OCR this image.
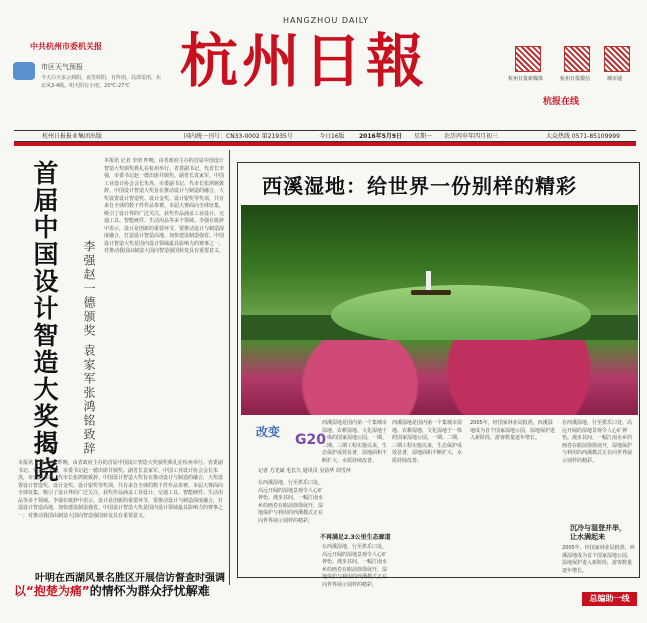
HANGZHOU DAILY
杭州日報
中共杭州市委机关报
市区天气预报
今天白天多云到阴，夜里转阴，有阵雨，局部雷雨，东北风3-4级。明天阴有小雨，20℃-27℃
杭州日报新媒体	杭州日报微信	城市通
杭报在线
杭州日报报业集团出版	国内统一刊号：CN33-0002 第21935号	今日16版 2016年5月9日 星期一 农历丙申年四月初三	大众热线 0571-85109999
首届中国设计智造大奖揭晓	李强赵一德颁奖 袁家军张鸿铭致辞
本报讯 记者 李靖 昨晚，由省政府主办的首届中国设计智造大奖颁奖典礼在杭州举行。省委副书记、代省长李强，市委书记赵一德出席并颁奖。副省长袁家军，中国工业设计协会会长朱焘，市委副书记、代市长张鸿铭致辞。中国设计智造大奖旨在推动设计与制造的融合，大奖设置设计智造奖、设计金奖、设计银奖等奖项，共有来自全球的数千件作品参赛。本届大赛面向全球征集，吸引了设计界的广泛关注，获奖作品涵盖工业设计、交通工具、智能硬件、生活用品等多个领域。李强在致辞中表示，设计是创新的重要环节，要推动设计与制造深度融合，打造设计智造高地，加快建设制造强省。中国设计智造大奖是国内设计领域最具影响力的赛事之一，对推动我国由制造大国向智造强国转变具有重要意义。
本报讯 记者 李靖 昨晚，由省政府主办的首届中国设计智造大奖颁奖典礼在杭州举行。省委副书记、代省长李强，市委书记赵一德出席并颁奖。副省长袁家军，中国工业设计协会会长朱焘，市委副书记、代市长张鸿铭致辞。中国设计智造大奖旨在推动设计与制造的融合，大奖设置设计智造奖、设计金奖、设计银奖等奖项，共有来自全球的数千件作品参赛。本届大赛面向全球征集，吸引了设计界的广泛关注，获奖作品涵盖工业设计、交通工具、智能硬件、生活用品等多个领域。李强在致辞中表示，设计是创新的重要环节，要推动设计与制造深度融合，打造设计智造高地，加快建设制造强省。中国设计智造大奖是国内设计领域最具影响力的赛事之一，对推动我国由制造大国向智造强国转变具有重要意义。
叶明在西湖风景名胜区开展信访督查时强调
以“抱楚为痛”的情怀为群众抒忧解难
西溪湿地：给世界一份别样的精彩
改变 G20
记者 方光斌 毛长久 通讯员 吴蓓华 周雪萍
在西溪湿地，行至拱乐口处，高远开阔的湿地景观令人心旷神怡。漫步其间，一幅江南水乡的画卷在眼前徐徐展开，湿地保护与利用的西溪模式正在向世界展示别样的精彩。
西溪湿地是国内第一个集城市湿地、农耕湿地、文化湿地于一体的国家湿地公园，一期、二期、三期工程实施以来，生态保护成效显著，湿地面积不断扩大，水质持续改善。
不再满足2.3公里生态廊道
在西溪湿地，行至拱乐口处，高远开阔的湿地景观令人心旷神怡。漫步其间，一幅江南水乡的画卷在眼前徐徐展开，湿地保护与利用的西溪模式正在向世界展示别样的精彩。
西溪湿地是国内第一个集城市湿地、农耕湿地、文化湿地于一体的国家湿地公园，一期、二期、三期工程实施以来，生态保护成效显著，湿地面积不断扩大，水质持续改善。
2005年，经国家林业局批准，西溪湿地成为首个国家湿地公园，湿地保护进入新阶段，游客数量逐年增长。
在西溪湿地，行至拱乐口处，高远开阔的湿地景观令人心旷神怡。漫步其间，一幅江南水乡的画卷在眼前徐徐展开，湿地保护与利用的西溪模式正在向世界展示别样的精彩。
沉冷与湿登并举，让水满起来
2005年，经国家林业局批准，西溪湿地成为首个国家湿地公园，湿地保护进入新阶段，游客数量逐年增长。
总编助一线
